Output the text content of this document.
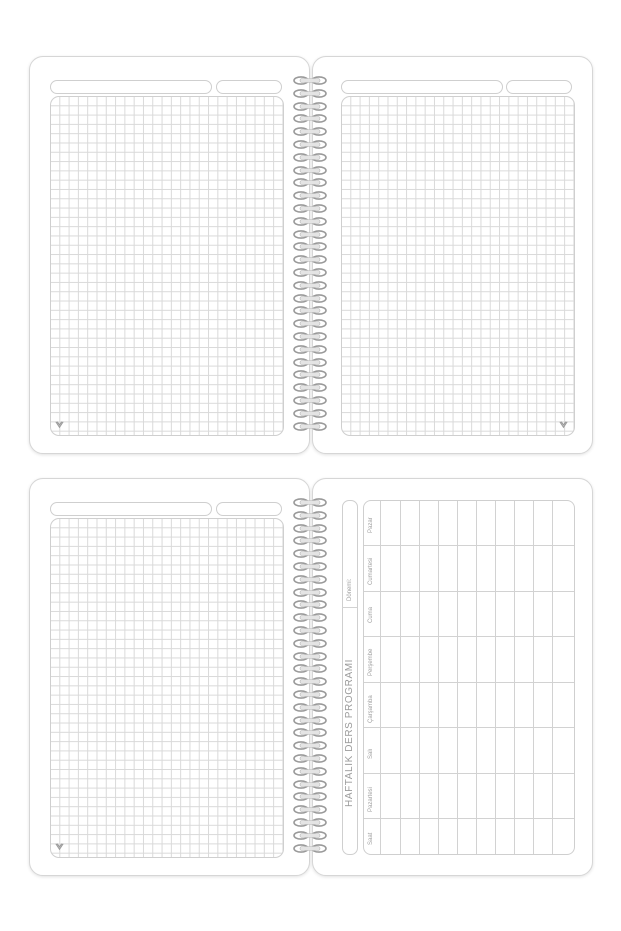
HAFTALIK DERS PROGRAMI
Dönemi:
Saat
Pazartesi
Salı
Çarşamba
Perşembe
Cuma
Cumartesi
Pazar
